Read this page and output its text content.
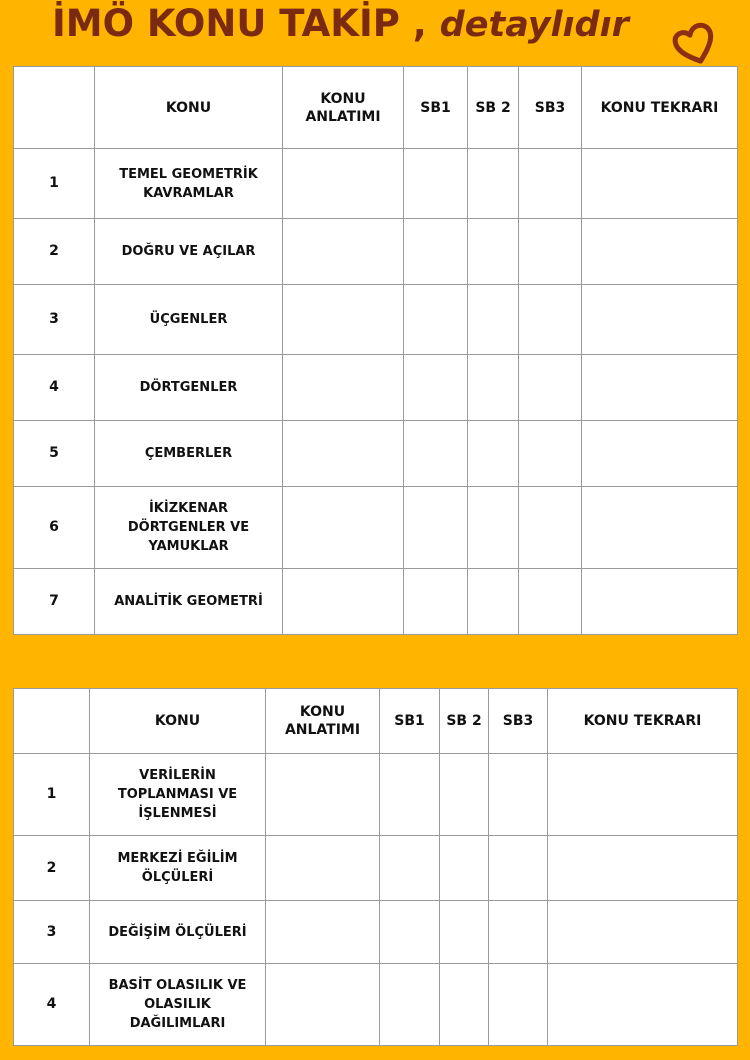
İMÖ KONU TAKİP , detaylıdır
	KONU	KONU ANLATIMI	SB1	SB 2	SB3	KONU TEKRARI
1	TEMEL GEOMETRİK KAVRAMLAR					
2	DOĞRU VE AÇILAR					
3	ÜÇGENLER					
4	DÖRTGENLER					
5	ÇEMBERLER					
6	İKİZKENAR DÖRTGENLER VE YAMUKLAR					
7	ANALİTİK GEOMETRİ					
	KONU	KONU ANLATIMI	SB1	SB 2	SB3	KONU TEKRARI
1	VERİLERİN TOPLANMASI VE İŞLENMESİ					
2	MERKEZİ EĞİLİM ÖLÇÜLERİ					
3	DEĞİŞİM ÖLÇÜLERİ					
4	BASİT OLASILIK VE OLASILIK DAĞILIMLARI					
